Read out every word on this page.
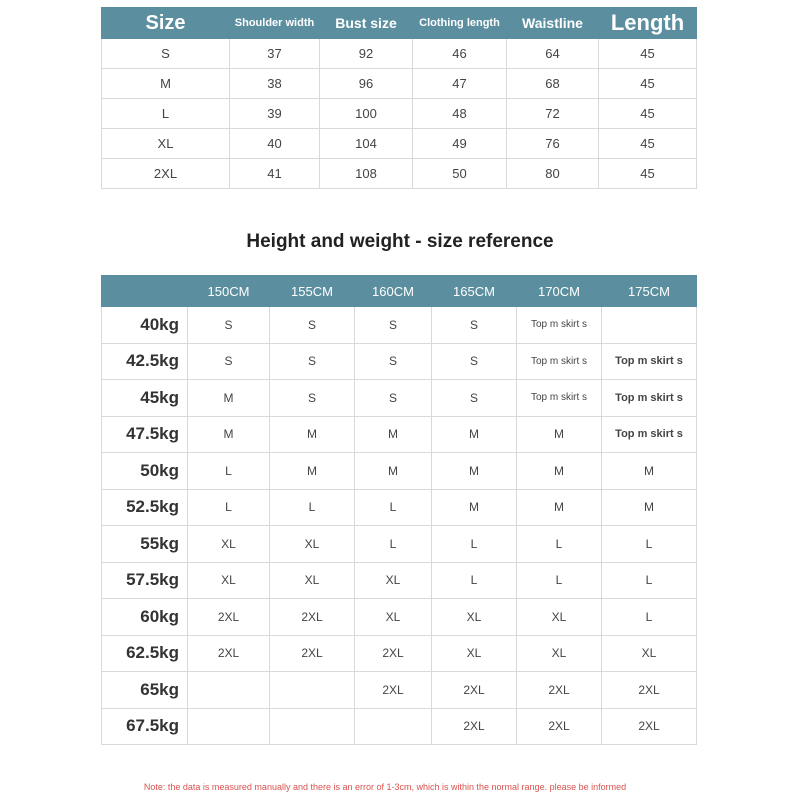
Size	Shoulder width	Bust size	Clothing length	Waistline	Length
S	37	92	46	64	45
M	38	96	47	68	45
L	39	100	48	72	45
XL	40	104	49	76	45
2XL	41	108	50	80	45
Height and weight - size reference
	150CM	155CM	160CM	165CM	170CM	175CM
40kg	S	S	S	S	Top m skirt s	
42.5kg	S	S	S	S	Top m skirt s	Top m skirt s
45kg	M	S	S	S	Top m skirt s	Top m skirt s
47.5kg	M	M	M	M	M	Top m skirt s
50kg	L	M	M	M	M	M
52.5kg	L	L	L	M	M	M
55kg	XL	XL	L	L	L	L
57.5kg	XL	XL	XL	L	L	L
60kg	2XL	2XL	XL	XL	XL	L
62.5kg	2XL	2XL	2XL	XL	XL	XL
65kg			2XL	2XL	2XL	2XL
67.5kg				2XL	2XL	2XL

Note: the data is measured manually and there is an error of 1-3cm, which is within the normal range. please be informed
